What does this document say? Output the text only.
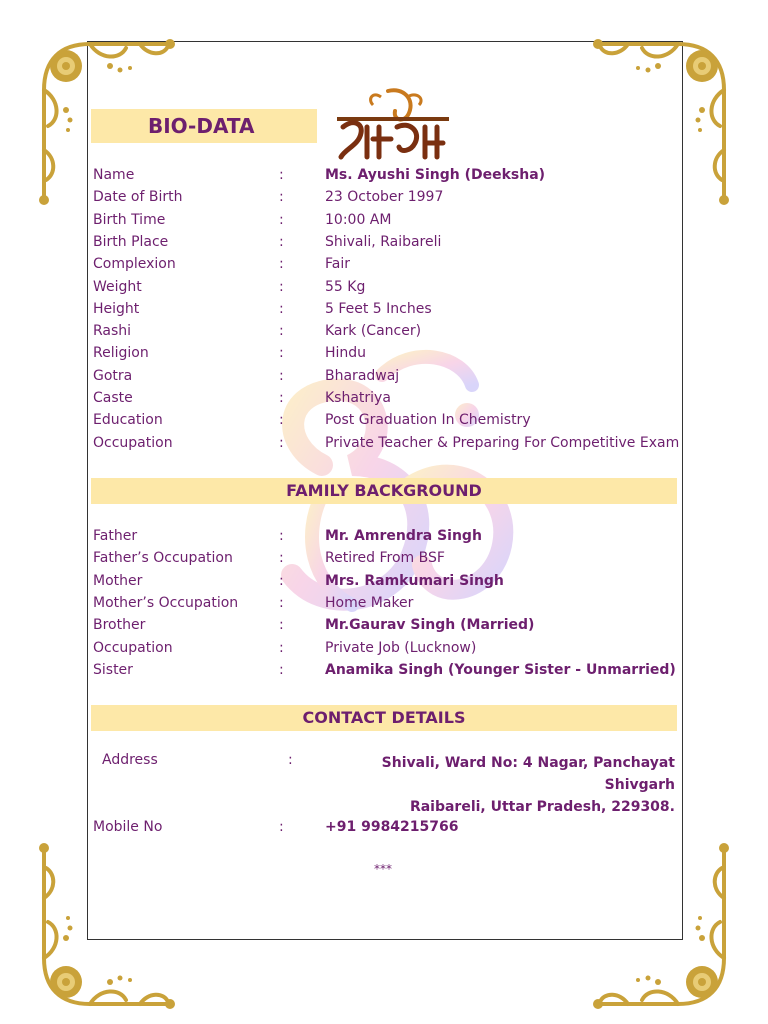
BIO-DATA
Name	:	Ms. Ayushi Singh (Deeksha)
Date of Birth	:	23 October 1997
Birth Time	:	10:00 AM
Birth Place	:	Shivali, Raibareli
Complexion	:	Fair
Weight	:	55 Kg
Height	:	5 Feet 5 Inches
Rashi	:	Kark (Cancer)
Religion	:	Hindu
Gotra	:	Bharadwaj
Caste	:	Kshatriya
Education	:	Post Graduation In Chemistry
Occupation	:	Private Teacher & Preparing For Competitive Exam
FAMILY BACKGROUND
Father	:	Mr. Amrendra Singh
Father’s Occupation	:	Retired From BSF
Mother	:	Mrs. Ramkumari Singh
Mother’s Occupation	:	Home Maker
Brother	:	Mr.Gaurav Singh (Married)
Occupation	:	Private Job (Lucknow)
Sister	:	Anamika Singh (Younger Sister - Unmarried)
CONTACT DETAILS
Address	:	Shivali, Ward No: 4 Nagar, Panchayat Shivgarh
Raibareli, Uttar Pradesh, 229308.
Mobile No	:	+91 9984215766
***
